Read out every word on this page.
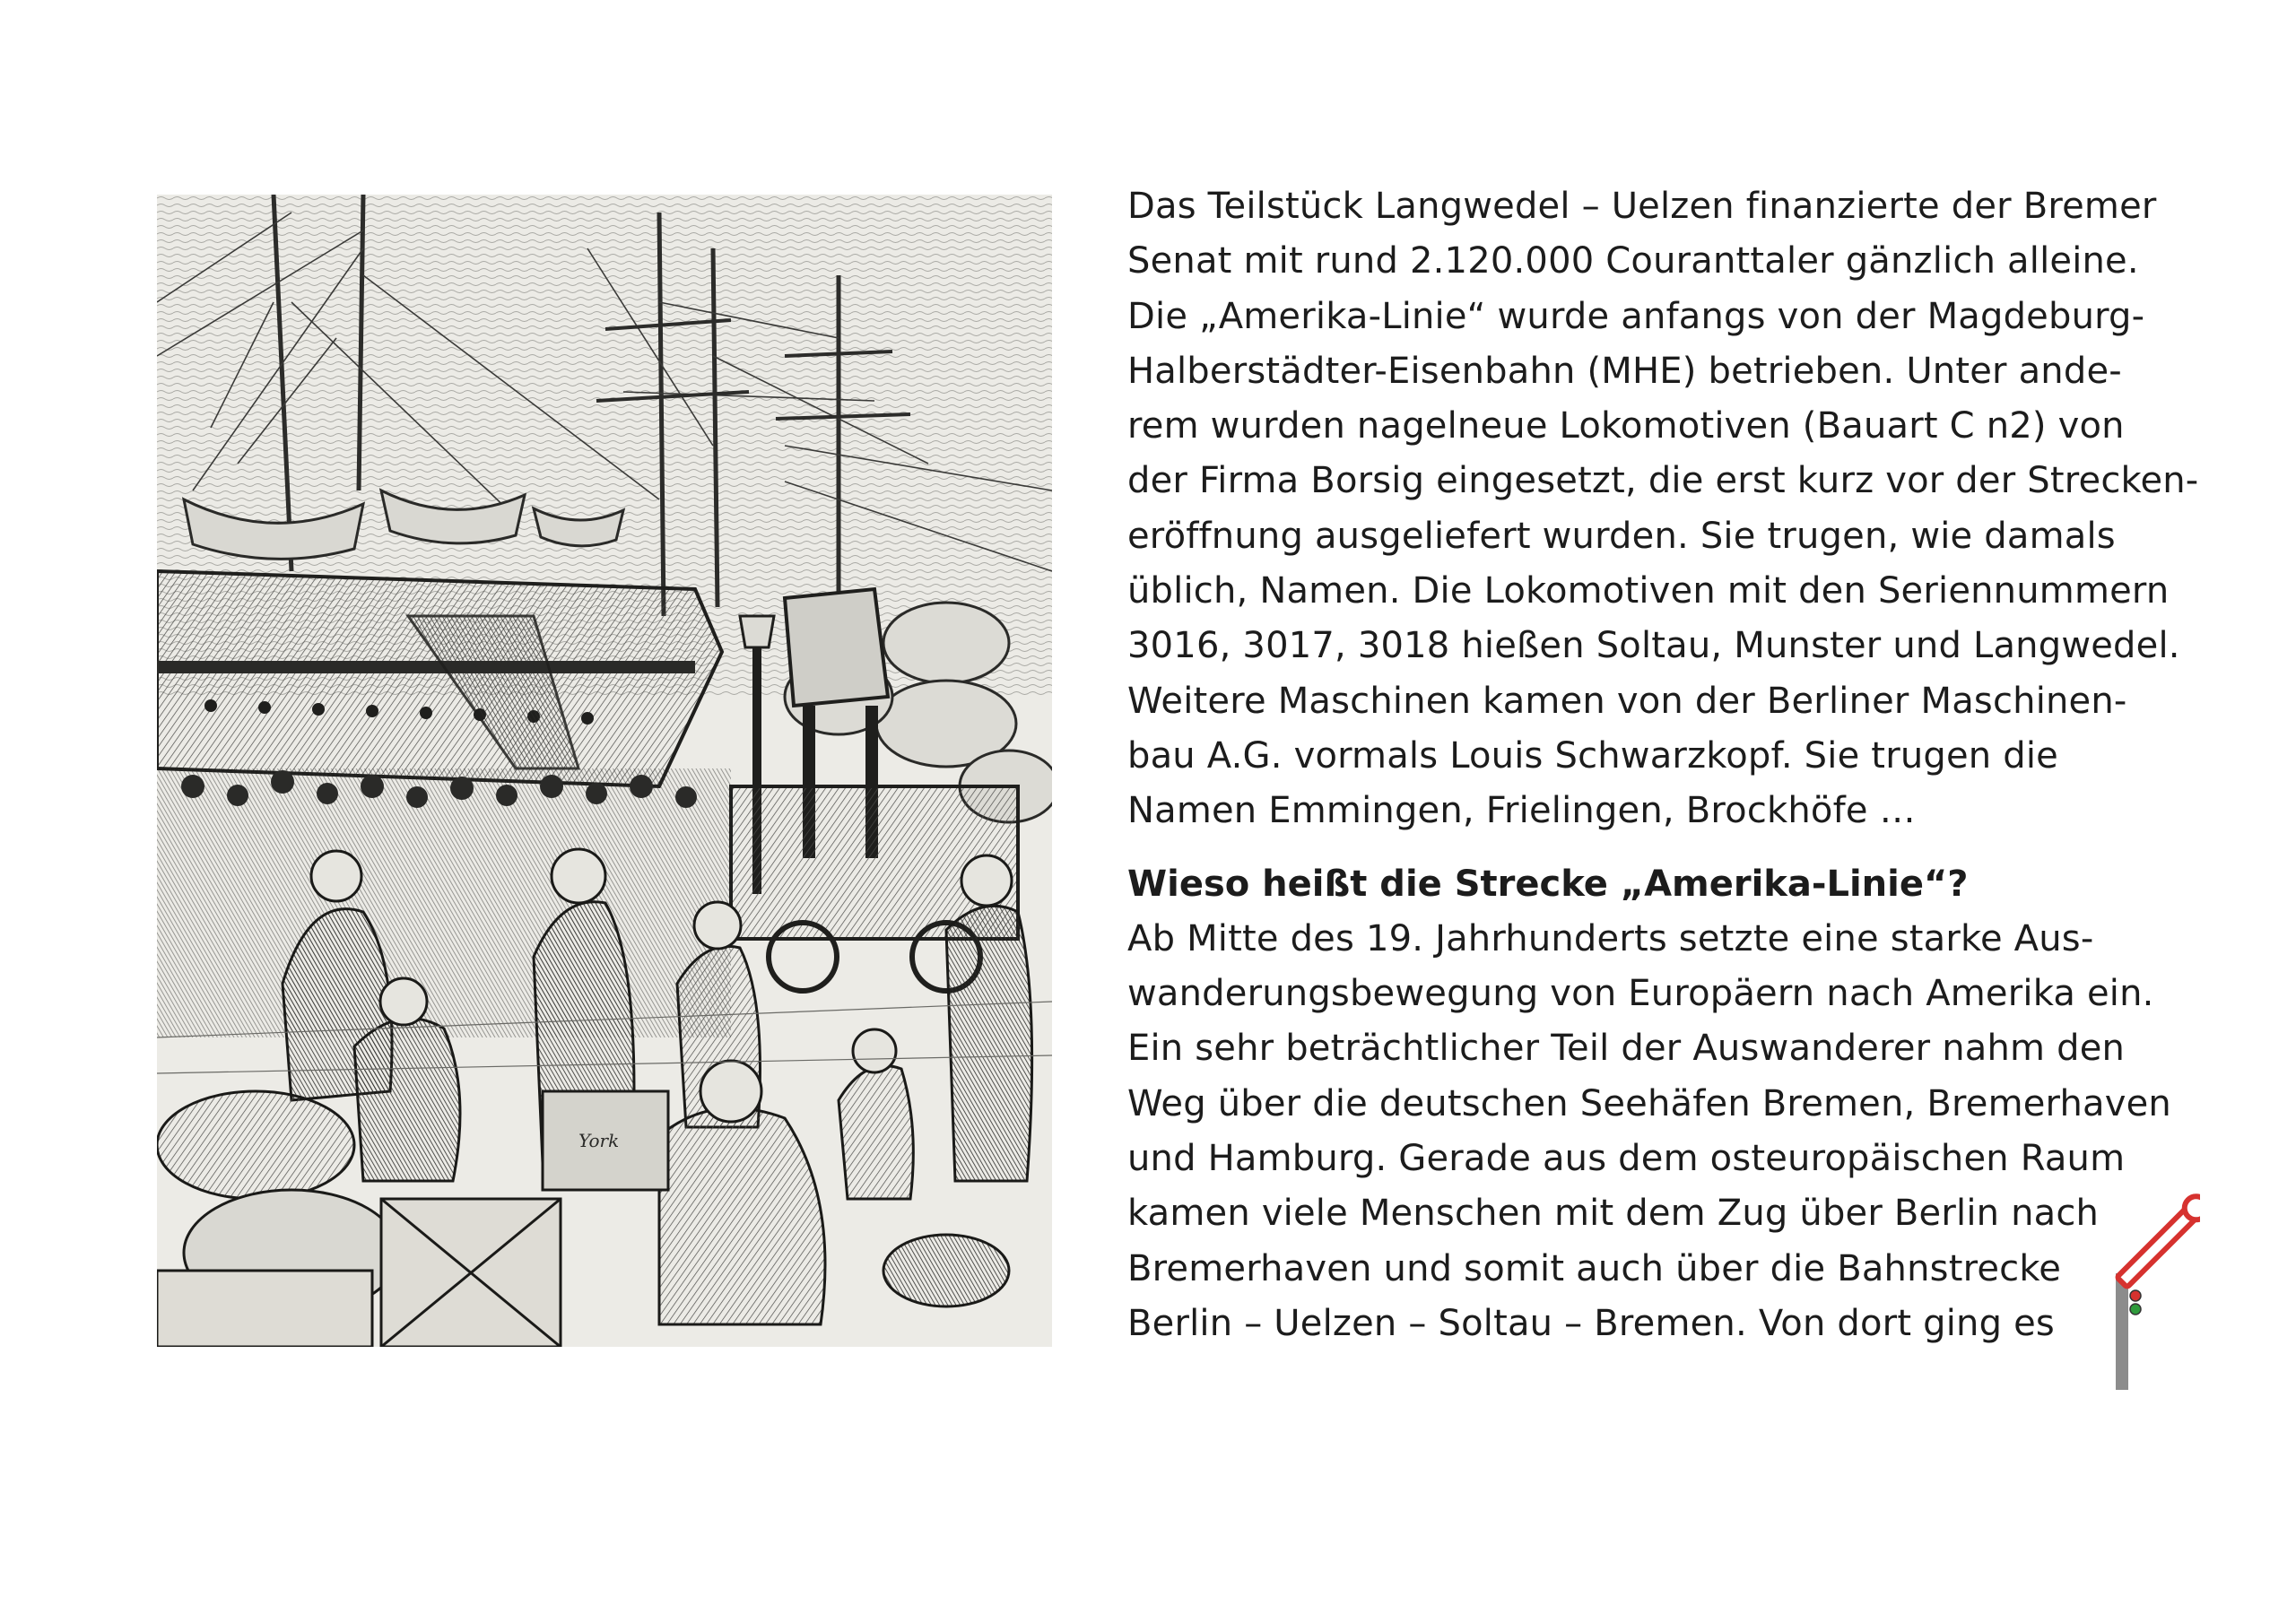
York

Das Teilstück Langwedel – Uelzen finanzierte der Bremer

Senat mit rund 2.120.000 Couranttaler gänzlich alleine.

Die „Amerika-Linie“ wurde anfangs von der Magdeburg-

Halberstädter-Eisenbahn (MHE) betrieben. Unter ande-

rem wurden nagelneue Lokomotiven (Bauart C n2) von

der Firma Borsig eingesetzt, die erst kurz vor der Strecken-

eröffnung ausgeliefert wurden. Sie trugen, wie damals

üblich, Namen. Die Lokomotiven mit den Seriennummern

3016, 3017, 3018 hießen Soltau, Munster und Langwedel.

Weitere Maschinen kamen von der Berliner Maschinen-

bau A.G. vormals Louis Schwarzkopf. Sie trugen die

Namen Emmingen, Frielingen, Brockhöfe …

Wieso heißt die Strecke „Amerika-Linie“?

Ab Mitte des 19. Jahrhunderts setzte eine starke Aus-

wanderungsbewegung von Europäern nach Amerika ein.

Ein sehr beträchtlicher Teil der Auswanderer nahm den

Weg über die deutschen Seehäfen Bremen, Bremerhaven

und Hamburg. Gerade aus dem osteuropäischen Raum

kamen viele Menschen mit dem Zug über Berlin nach

Bremerhaven und somit auch über die Bahnstrecke

Berlin – Uelzen – Soltau – Bremen. Von dort ging es
